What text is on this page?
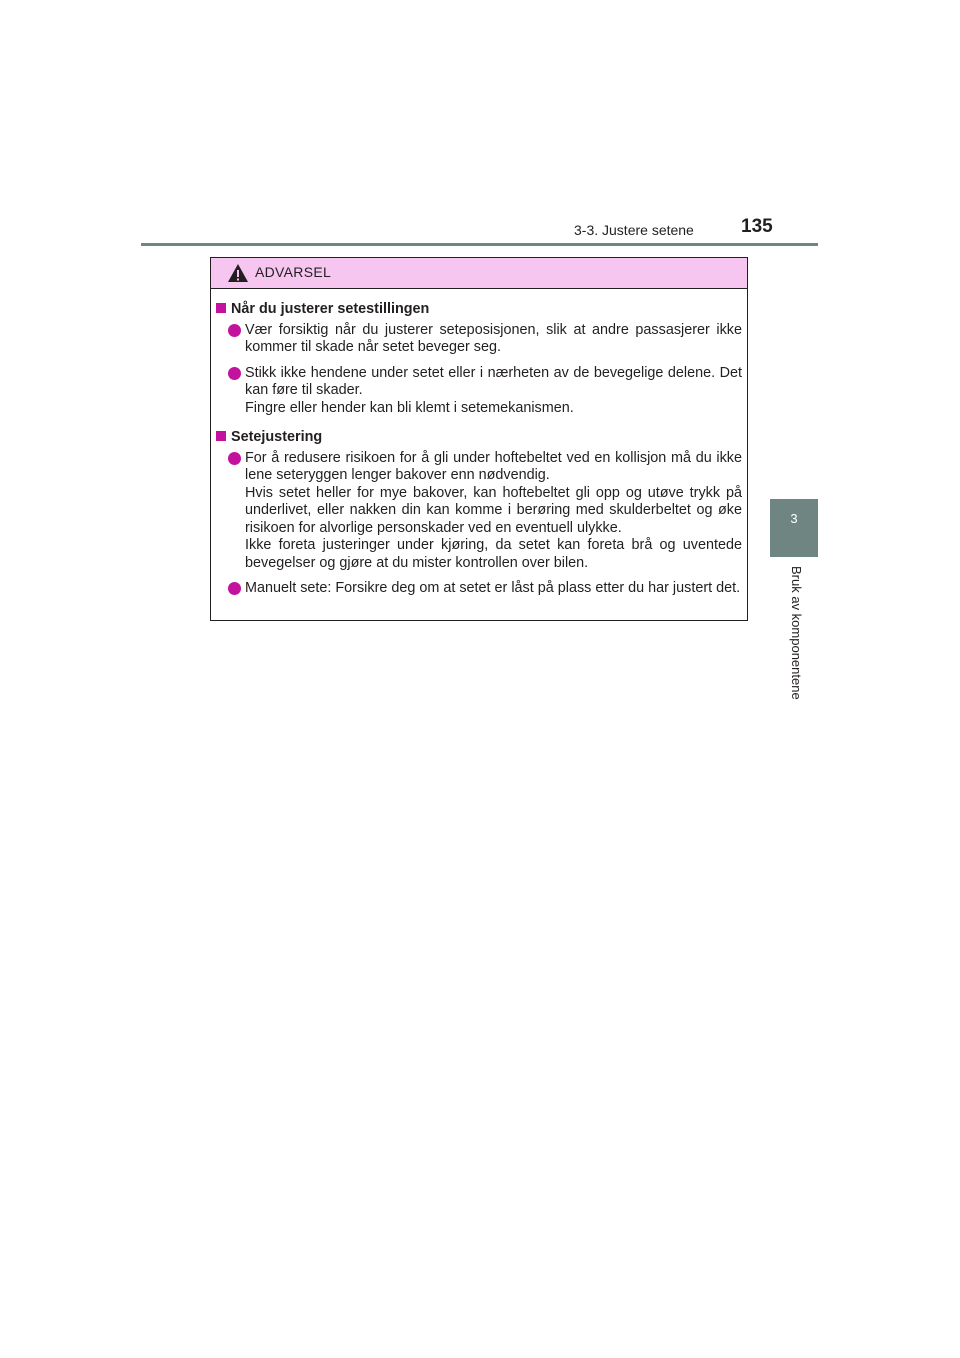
3-3. Justere setene 135
3
Bruk av komponentene
ADVARSEL
Når du justerer setestillingen

Vær forsiktig når du justerer seteposisjonen, slik at andre passasjerer ikke kommer til skade når setet beveger seg.

Stikk ikke hendene under setet eller i nærheten av de bevegelige delene. Det kan føre til skader.

Fingre eller hender kan bli klemt i setemekanismen.

Setejustering

For å redusere risikoen for å gli under hoftebeltet ved en kollisjon må du ikke lene seteryggen lenger bakover enn nødvendig.

Hvis setet heller for mye bakover, kan hoftebeltet gli opp og utøve trykk på underlivet, eller nakken din kan komme i berøring med skulderbeltet og øke risikoen for alvorlige personskader ved en eventuell ulykke.

Ikke foreta justeringer under kjøring, da setet kan foreta brå og uventede bevegelser og gjøre at du mister kontrollen over bilen.

Manuelt sete: Forsikre deg om at setet er låst på plass etter du har justert det.
